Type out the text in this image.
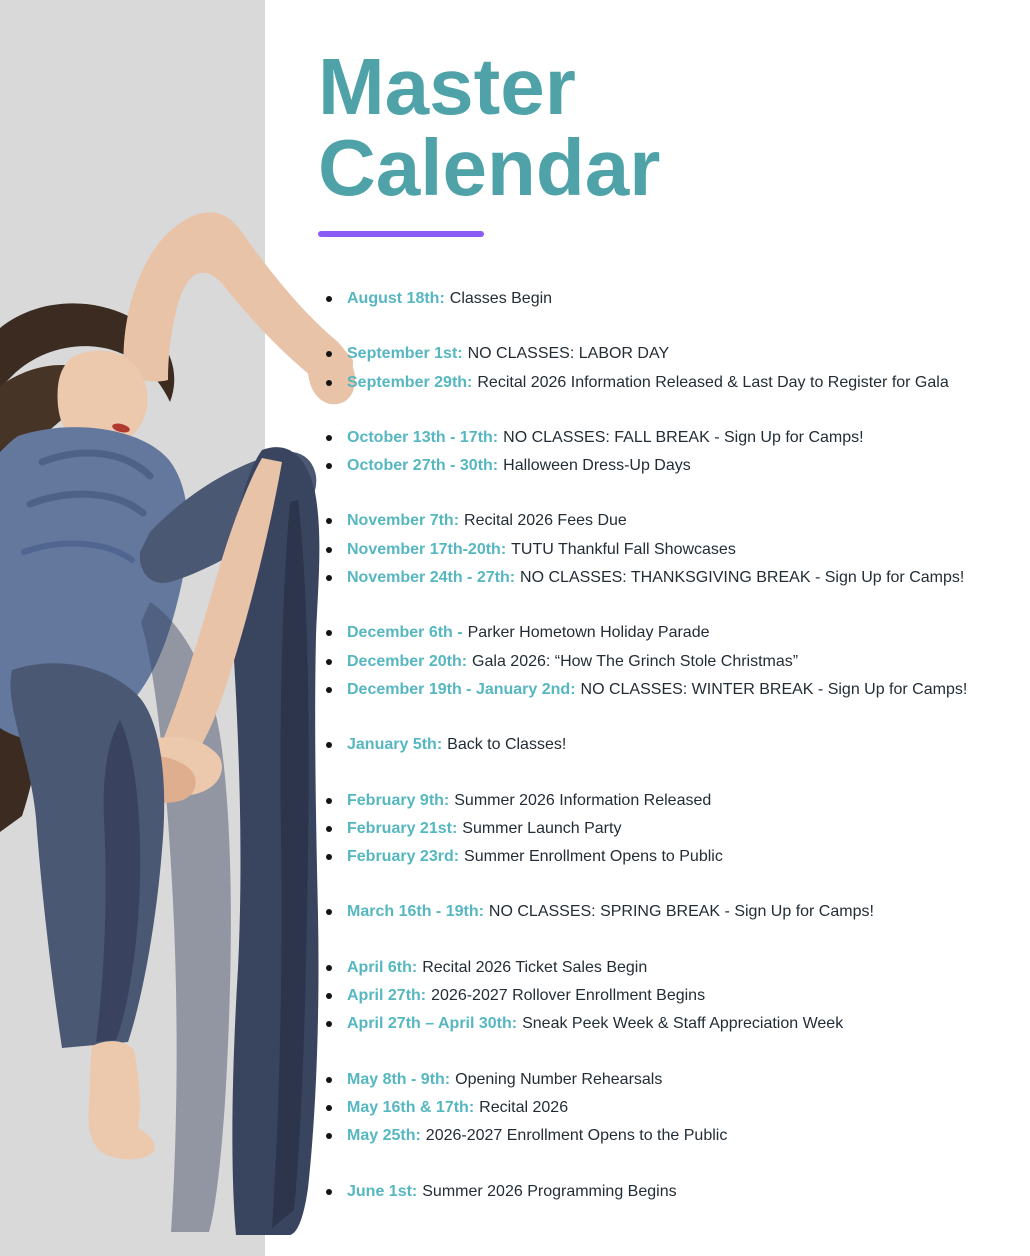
Master Calendar
August 18th: Classes Begin
September 1st: NO CLASSES: LABOR DAY
September 29th: Recital 2026 Information Released & Last Day to Register for Gala
October 13th - 17th: NO CLASSES: FALL BREAK - Sign Up for Camps!
October 27th - 30th: Halloween Dress-Up Days
November 7th: Recital 2026 Fees Due
November 17th-20th: TUTU Thankful Fall Showcases
November 24th - 27th: NO CLASSES: THANKSGIVING BREAK - Sign Up for Camps!
December 6th - Parker Hometown Holiday Parade
December 20th: Gala 2026: “How The Grinch Stole Christmas”
December 19th - January 2nd: NO CLASSES: WINTER BREAK - Sign Up for Camps!
January 5th: Back to Classes!
February 9th: Summer 2026 Information Released
February 21st: Summer Launch Party
February 23rd: Summer Enrollment Opens to Public
March 16th - 19th: NO CLASSES: SPRING BREAK - Sign Up for Camps!
April 6th: Recital 2026 Ticket Sales Begin
April 27th: 2026-2027 Rollover Enrollment Begins
April 27th – April 30th: Sneak Peek Week & Staff Appreciation Week
May 8th - 9th: Opening Number Rehearsals
May 16th & 17th: Recital 2026
May 25th: 2026-2027 Enrollment Opens to the Public
June 1st: Summer 2026 Programming Begins
